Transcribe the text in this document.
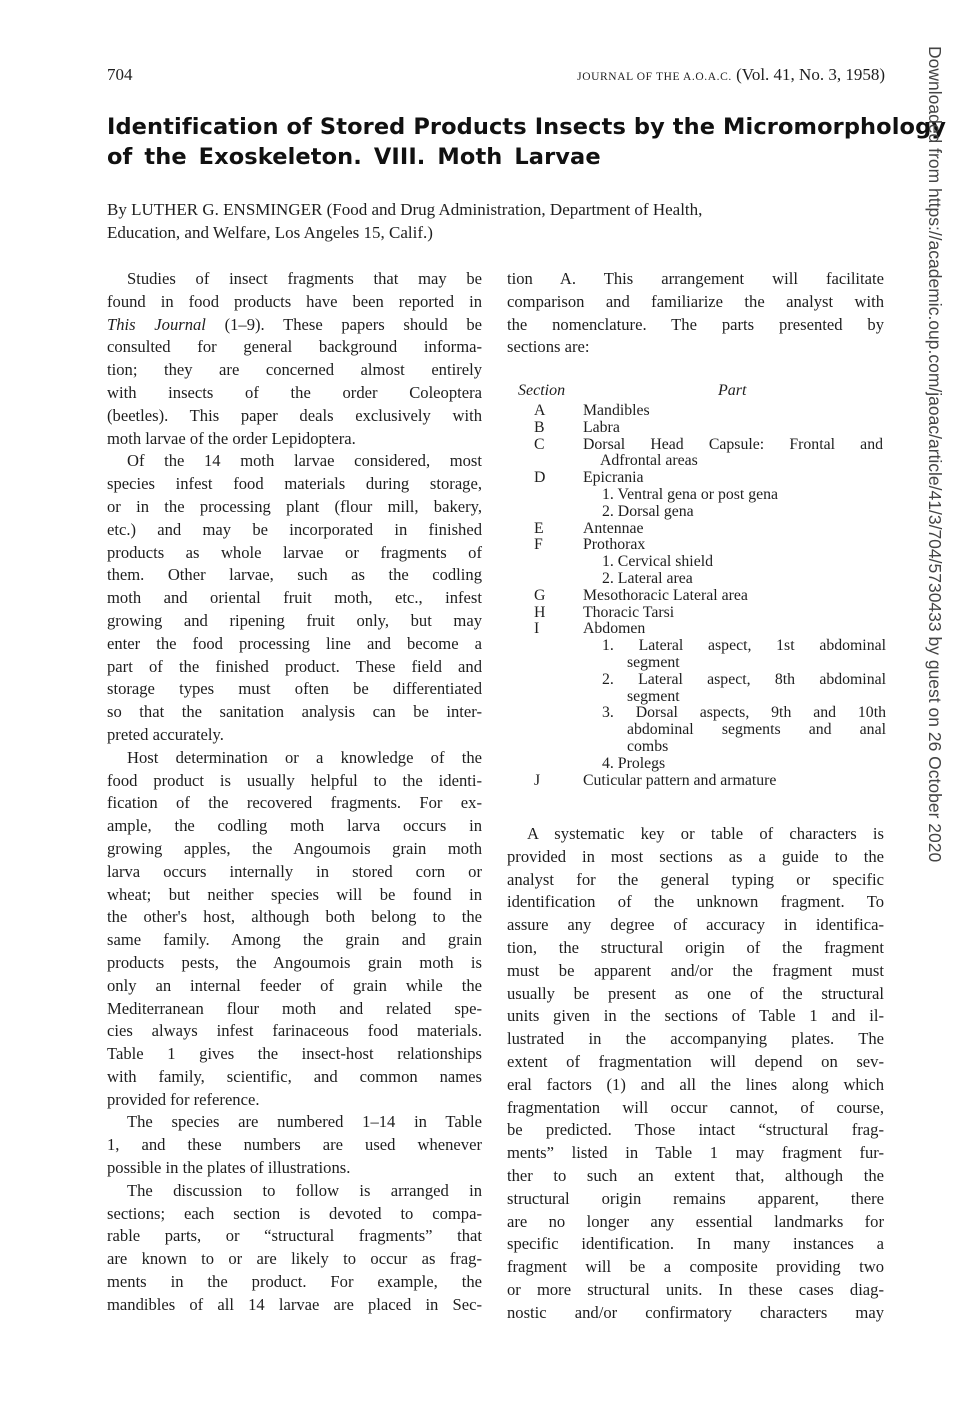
704	JOURNAL OF THE A.O.A.C. (Vol. 41, No. 3, 1958)
Identification of Stored Products Insects by the Micromorphology
of the Exoskeleton. VIII. Moth Larvae
By LUTHER G. ENSMINGER (Food and Drug Administration, Department of Health,
Education, and Welfare, Los Angeles 15, Calif.)

Studies of insect fragments that may be
found in food products have been reported in
This Journal (1–9). These papers should be
consulted for general background informa-
tion; they are concerned almost entirely
with insects of the order Coleoptera
(beetles). This paper deals exclusively with
moth larvae of the order Lepidoptera.

Of the 14 moth larvae considered, most
species infest food materials during storage,
or in the processing plant (flour mill, bakery,
etc.) and may be incorporated in finished
products as whole larvae or fragments of
them. Other larvae, such as the codling
moth and oriental fruit moth, etc., infest
growing and ripening fruit only, but may
enter the food processing line and become a
part of the finished product. These field and
storage types must often be differentiated
so that the sanitation analysis can be inter-
preted accurately.

Host determination or a knowledge of the
food product is usually helpful to the identi-
fication of the recovered fragments. For ex-
ample, the codling moth larva occurs in
growing apples, the Angoumois grain moth
larva occurs internally in stored corn or
wheat; but neither species will be found in
the other's host, although both belong to the
same family. Among the grain and grain
products pests, the Angoumois grain moth is
only an internal feeder of grain while the
Mediterranean flour moth and related spe-
cies always infest farinaceous food materials.
Table 1 gives the insect-host relationships
with family, scientific, and common names
provided for reference.

The species are numbered 1–14 in Table
1, and these numbers are used whenever
possible in the plates of illustrations.

The discussion to follow is arranged in
sections; each section is devoted to compa-
rable parts, or “structural fragments” that
are known to or are likely to occur as frag-
ments in the product. For example, the
mandibles of all 14 larvae are placed in Sec-

tion A. This arrangement will facilitate
comparison and familiarize the analyst with
the nomenclature. The parts presented by
sections are:

Section	Part
A Mandibles
B Labra
C Dorsal Head Capsule: Frontal and
Adfrontal areas
D Epicrania
1. Ventral gena or post gena
2. Dorsal gena
E Antennae
F	Prothorax
1. Cervical shield
2. Lateral area
G Mesothoracic Lateral area
H Thoracic Tarsi
I	Abdomen
1. Lateral aspect, 1st abdominal
segment
2. Lateral aspect, 8th abdominal
segment
3. Dorsal aspects, 9th and 10th
abdominal segments and anal
combs
4. Prolegs
J	Cuticular pattern and armature

A systematic key or table of characters is
provided in most sections as a guide to the
analyst for the general typing or specific
identification of the unknown fragment. To
assure any degree of accuracy in identifica-
tion, the structural origin of the fragment
must be apparent and/or the fragment must
usually be present as one of the structural
units given in the sections of Table 1 and il-
lustrated in the accompanying plates. The
extent of fragmentation will depend on sev-
eral factors (1) and all the lines along which
fragmentation will occur cannot, of course,
be predicted. Those intact “structural frag-
ments” listed in Table 1 may fragment fur-
ther to such an extent that, although the
structural origin remains apparent, there
are no longer any essential landmarks for
specific identification. In many instances a
fragment will be a composite providing two
or more structural units. In these cases diag-
nostic and/or confirmatory characters may

Downloaded from https://academic.oup.com/jaoac/article/41/3/704/5730433 by guest on 26 October 2020
